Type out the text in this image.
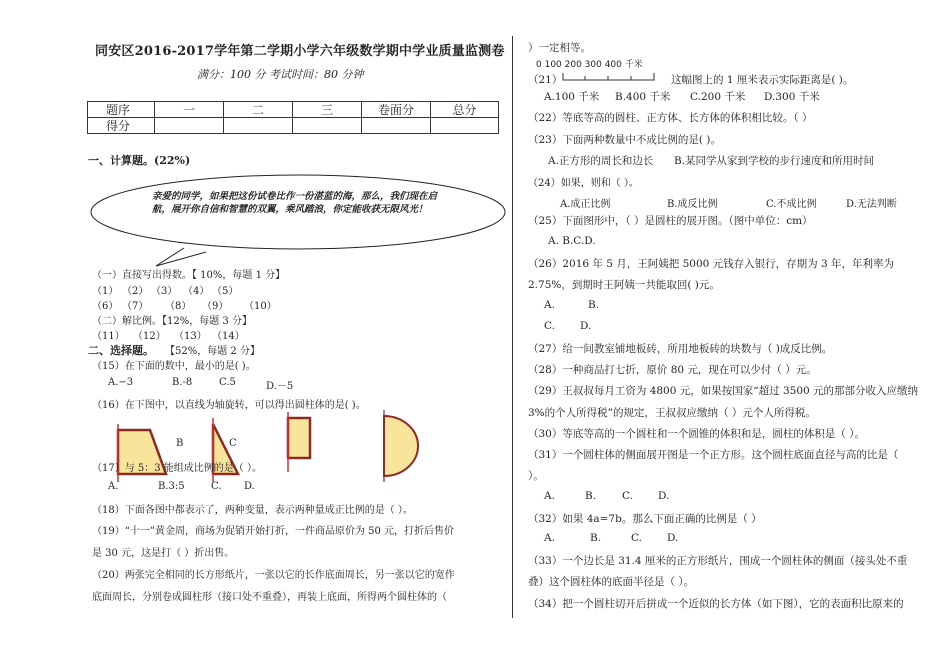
同安区2016-2017学年第二学期小学六年级数学期中学业质量监测卷
满分：100 分 考试时间：80 分钟
题序	一	二	三	卷面分	总分
得分					
一、计算题。(22%)
亲爱的同学，如果把这份试卷比作一份湛蓝的海，那么，我们现在启航，展开你自信和智慧的双翼，乘风踏浪，你定能收获无限风光！
（一）直接写出得数。【 10%，每题 1 分】
（1） （2） （3） （4） （5）
（6） （7） （8） （9） （10）
（二）解比例。【12%，每题 3 分】
（11） （12） （13） （14）
二、选择题。 【52%，每题 2 分】
（15）在下面的数中，最小的是( )。
A.−3	B.-8	C.5	D.－5
（16）在下图中，以直线为轴旋转，可以得出圆柱体的是( )。
B	C
（17）与 5：3 能组成比例的是（ ）。
A.	B.3:5	C. D.
（18）下面各图中都表示了，两种变量，表示两种量成正比例的是（ ）。
（19）“十一”黄金周，商场为促销开始打折，一件商品原价为 50 元，打折后售价
是 30 元，这是打（ ）折出售。
（20）两张完全相同的长方形纸片，一张以它的长作底面周长，另一张以它的宽作
底面周长，分别卷成圆柱形（接口处不重叠），再装上底面，所得两个圆柱体的（
）一定相等。
0 100 200 300 400 千米
（21）	这幅图上的 1 厘米表示实际距离是( )。
A.100 千米 B.400 千米 C.200 千米 D.300 千米
（22）等底等高的圆柱、正方体、长方体的体积相比较。（ ）
（23）下面两种数量中不成比例的是( )。
A.正方形的周长和边长 B.某同学从家到学校的步行速度和所用时间
（24）如果，则和（ ）。
A.成正比例	B.成反比例	C.不成比例	D.无法判断
（25）下面图形中，（ ）是圆柱的展开图。（图中单位：cm）
A. B.C.D.
（26）2016 年 5 月，王阿姨把 5000 元钱存入银行，存期为 3 年，年利率为
2.75%，到期时王阿姨一共能取回( )元。
A.	B.
C. D.
（27）给一间教室铺地板砖，所用地板砖的块数与（ )成反比例。
（28）一种商品打七折，原价 80 元，现在可以少付（ ）元。
（29）王叔叔每月工资为 4800 元，如果按国家“超过 3500 元的那部分收入应缴纳
3%的个人所得税”的规定，王叔叔应缴纳（ ）元个人所得税。
（30）等底等高的一个圆柱和一个圆锥的体积和是，圆柱的体积是（ ）。
（31）一个圆柱体的侧面展开图是一个正方形。这个圆柱底面直径与高的比是（
）。
A.	B. C. D.
（32）如果 4a=7b。那么下面正确的比例是（ ）
A.	B.	C. D.
（33）一个边长是 31.4 厘米的正方形纸片，围成一个圆柱体的侧面（接头处不重
叠）这个圆柱体的底面半径是（ ）。
（34）把一个圆柱切开后拼成一个近似的长方体（如下图），它的表面积比原来的
